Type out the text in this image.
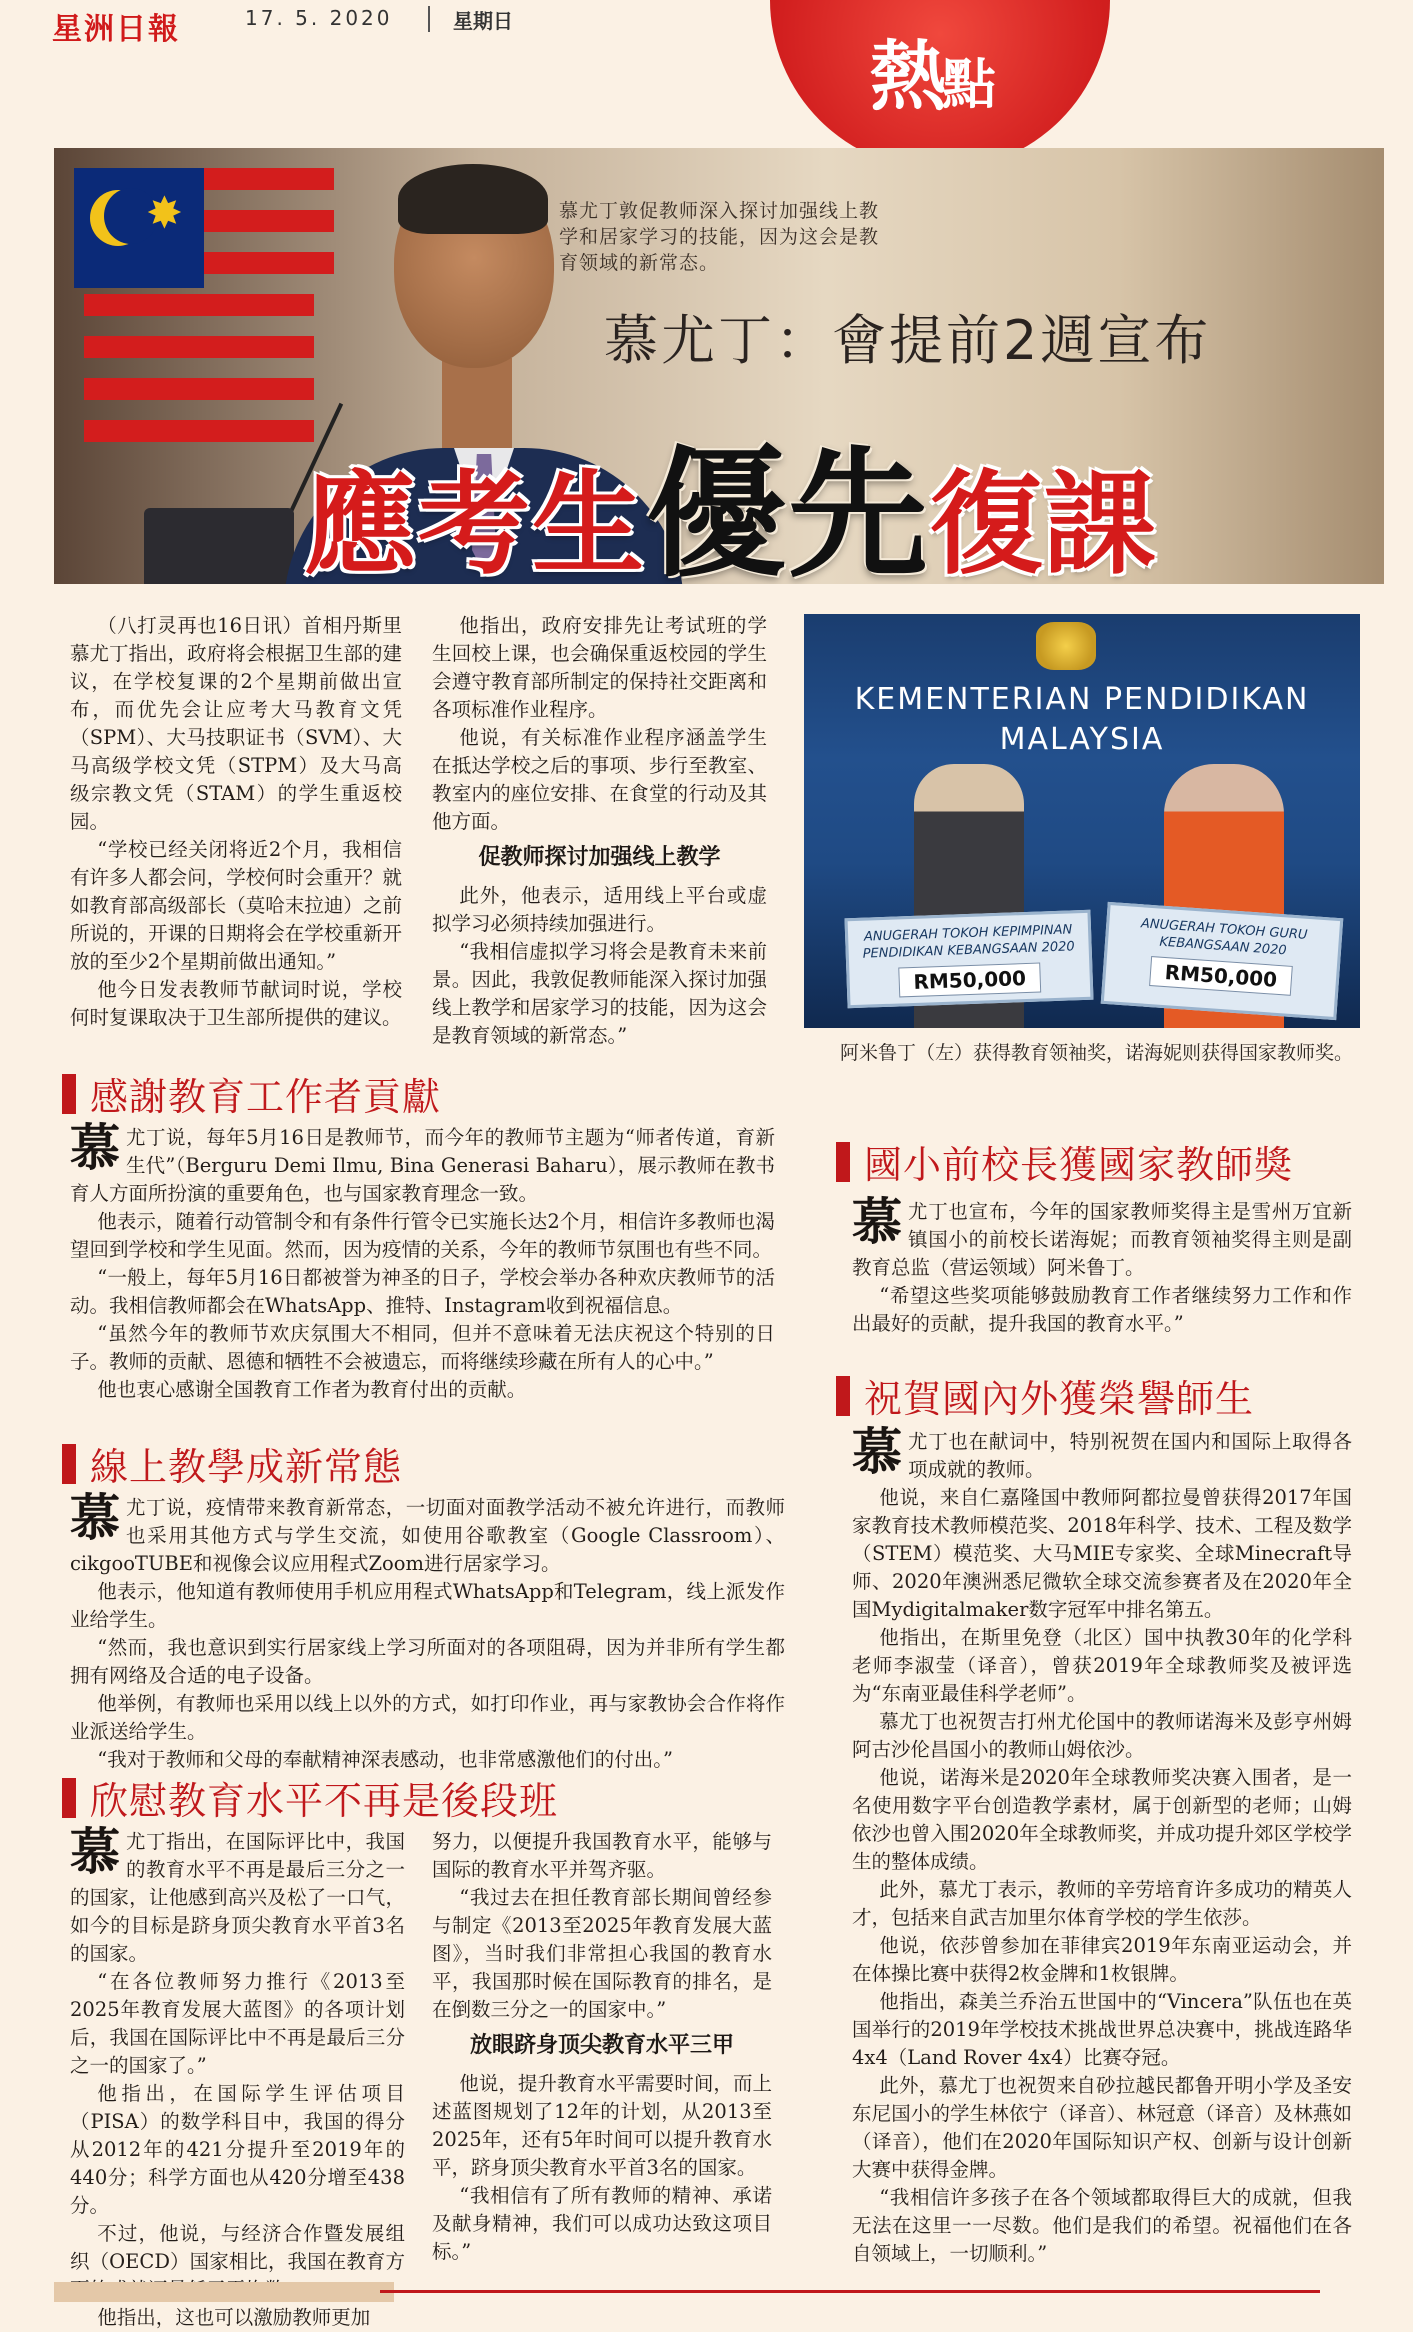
星洲日報	17. 5. 2020	星期日
熱點
✸	慕尤丁敦促教师深入探讨加强线上教学和居家学习的技能，因为这会是教育领域的新常态。
慕尤丁：會提前2週宣布
應考生優先復課

（八打灵再也16日讯）首相丹斯里慕尤丁指出，政府将会根据卫生部的建议，在学校复课的2个星期前做出宣布，而优先会让应考大马教育文凭（SPM）、大马技职证书（SVM）、大马高级学校文凭（STPM）及大马高级宗教文凭（STAM）的学生重返校园。

“学校已经关闭将近2个月，我相信有许多人都会问，学校何时会重开？就如教育部高级部长（莫哈末拉迪）之前所说的，开课的日期将会在学校重新开放的至少2个星期前做出通知。”

他今日发表教师节献词时说，学校何时复课取决于卫生部所提供的建议。

他指出，政府安排先让考试班的学生回校上课，也会确保重返校园的学生会遵守教育部所制定的保持社交距离和各项标准作业程序。

他说，有关标准作业程序涵盖学生在抵达学校之后的事项、步行至教室、教室内的座位安排、在食堂的行动及其他方面。

促教师探讨加强线上教学

此外，他表示，适用线上平台或虚拟学习必须持续加强进行。

“我相信虚拟学习将会是教育未来前景。因此，我敦促教师能深入探讨加强线上教学和居家学习的技能，因为这会是教育领域的新常态。”

KEMENTERIAN PENDIDIKAN
MALAYSIA
ANUGERAH TOKOH KEPIMPINAN PENDIDIKAN KEBANGSAAN 2020
RM50,000
ANUGERAH TOKOH GURU KEBANGSAAN 2020
RM50,000
阿米鲁丁（左）获得教育领袖奖，诺海妮则获得国家教师奖。
感謝教育工作者貢獻

慕尤丁说，每年5月16日是教师节，而今年的教师节主题为“师者传道，育新生代”（Berguru Demi Ilmu, Bina Generasi Baharu），展示教师在教书育人方面所扮演的重要角色，也与国家教育理念一致。

他表示，随着行动管制令和有条件行管令已实施长达2个月，相信许多教师也渴望回到学校和学生见面。然而，因为疫情的关系，今年的教师节氛围也有些不同。

“一般上，每年5月16日都被誉为神圣的日子，学校会举办各种欢庆教师节的活动。我相信教师都会在WhatsApp、推特、Instagram收到祝福信息。

“虽然今年的教师节欢庆氛围大不相同，但并不意味着无法庆祝这个特别的日子。教师的贡献、恩德和牺牲不会被遗忘，而将继续珍藏在所有人的心中。”

他也衷心感谢全国教育工作者为教育付出的贡献。

線上教學成新常態

慕尤丁说，疫情带来教育新常态，一切面对面教学活动不被允许进行，而教师也采用其他方式与学生交流，如使用谷歌教室（Google Classroom）、cikgooTUBE和视像会议应用程式Zoom进行居家学习。

他表示，他知道有教师使用手机应用程式WhatsApp和Telegram，线上派发作业给学生。

“然而，我也意识到实行居家线上学习所面对的各项阻碍，因为并非所有学生都拥有网络及合适的电子设备。

他举例，有教师也采用以线上以外的方式，如打印作业，再与家教协会合作将作业派送给学生。

“我对于教师和父母的奉献精神深表感动，也非常感激他们的付出。”

欣慰教育水平不再是後段班

慕尤丁指出，在国际评比中，我国的教育水平不再是最后三分之一的国家，让他感到高兴及松了一口气，如今的目标是跻身顶尖教育水平首3名的国家。

“在各位教师努力推行《2013至2025年教育发展大蓝图》的各项计划后，我国在国际评比中不再是最后三分之一的国家了。”

他指出，在国际学生评估项目（PISA）的数学科目中，我国的得分从2012年的421分提升至2019年的440分；科学方面也从420分增至438分。

不过，他说，与经济合作暨发展组织（OECD）国家相比，我国在教育方

他指出，这也可以激励教师更加

努力，以便提升我国教育水平，能够与国际的教育水平并驾齐驱。

“我过去在担任教育部长期间曾经参与制定《2013至2025年教育发展大蓝图》，当时我们非常担心我国的教育水平，我国那时候在国际教育的排名，是在倒数三分之一的国家中。”

放眼跻身顶尖教育水平三甲

他说，提升教育水平需要时间，而上述蓝图规划了12年的计划，从2013至2025年，还有5年时间可以提升教育水平，跻身顶尖教育水平首3名的国家。

“我相信有了所有教师的精神、承诺及献身精神，我们可以成功达致这项目标。”

國小前校長獲國家教師獎

慕尤丁也宣布，今年的国家教师奖得主是雪州万宜新镇国小的前校长诺海妮；而教育领袖奖得主则是副教育总监（营运领域）阿米鲁丁。

“希望这些奖项能够鼓励教育工作者继续努力工作和作出最好的贡献，提升我国的教育水平。”

祝賀國內外獲榮譽師生

慕尤丁也在献词中，特别祝贺在国内和国际上取得各项成就的教师。

他说，来自仁嘉隆国中教师阿都拉曼曾获得2017年国家教育技术教师模范奖、2018年科学、技术、工程及数学（STEM）模范奖、大马MIE专家奖、全球Minecraft导师、2020年澳洲悉尼微软全球交流参赛者及在2020年全国Mydigitalmaker数字冠军中排名第五。

他指出，在斯里免登（北区）国中执教30年的化学科老师李淑莹（译音），曾获2019年全球教师奖及被评选为“东南亚最佳科学老师”。

慕尤丁也祝贺吉打州尤伦国中的教师诺海米及彭亨州姆阿古沙伦昌国小的教师山姆依沙。

他说，诺海米是2020年全球教师奖决赛入围者，是一名使用数字平台创造教学素材，属于创新型的老师；山姆依沙也曾入围2020年全球教师奖，并成功提升郊区学校学生的整体成绩。

此外，慕尤丁表示，教师的辛劳培育许多成功的精英人才，包括来自武吉加里尔体育学校的学生依莎。

他说，依莎曾参加在菲律宾2019年东南亚运动会，并在体操比赛中获得2枚金牌和1枚银牌。

他指出，森美兰乔治五世国中的“Vincera”队伍也在英国举行的2019年学校技术挑战世界总决赛中，挑战连路华4x4（Land Rover 4x4）比赛夺冠。

此外，慕尤丁也祝贺来自砂拉越民都鲁开明小学及圣安东尼国小的学生林依宁（译音）、林冠意（译音）及林燕如（译音），他们在2020年国际知识产权、创新与设计创新大赛中获得金牌。

“我相信许多孩子在各个领域都取得巨大的成就，但我无法在这里一一尽数。他们是我们的希望。祝福他们在各自领域上，一切顺利。”
